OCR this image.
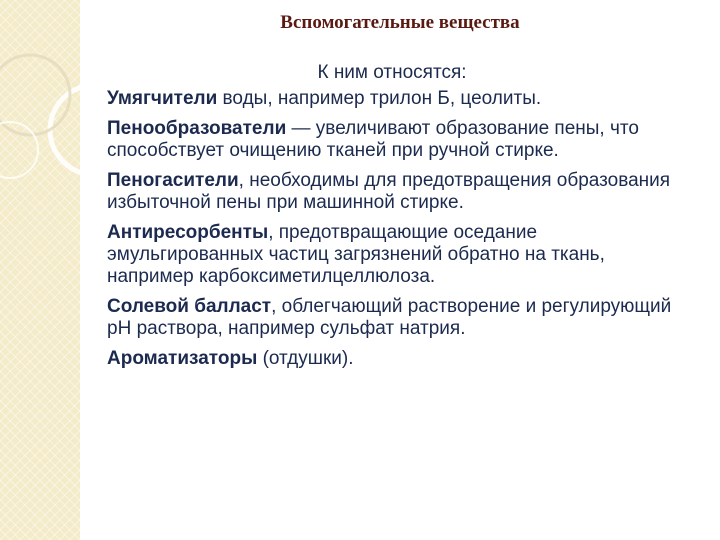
Вспомогательные вещества

К ним относятся:

Умягчители воды, например трилон Б, цеолиты.

Пенообразователи — увеличивают образование пены, что способствует очищению тканей при ручной стирке.

Пеногасители, необходимы для предотвращения образования избыточной пены при машинной стирке.

Антиресорбенты, предотвращающие оседание эмульгированных частиц загрязнений обратно на ткань, например карбоксиметилцеллюлоза.

Солевой балласт, облегчающий растворение и регулирующий рН раствора, например сульфат натрия.

Ароматизаторы (отдушки).
